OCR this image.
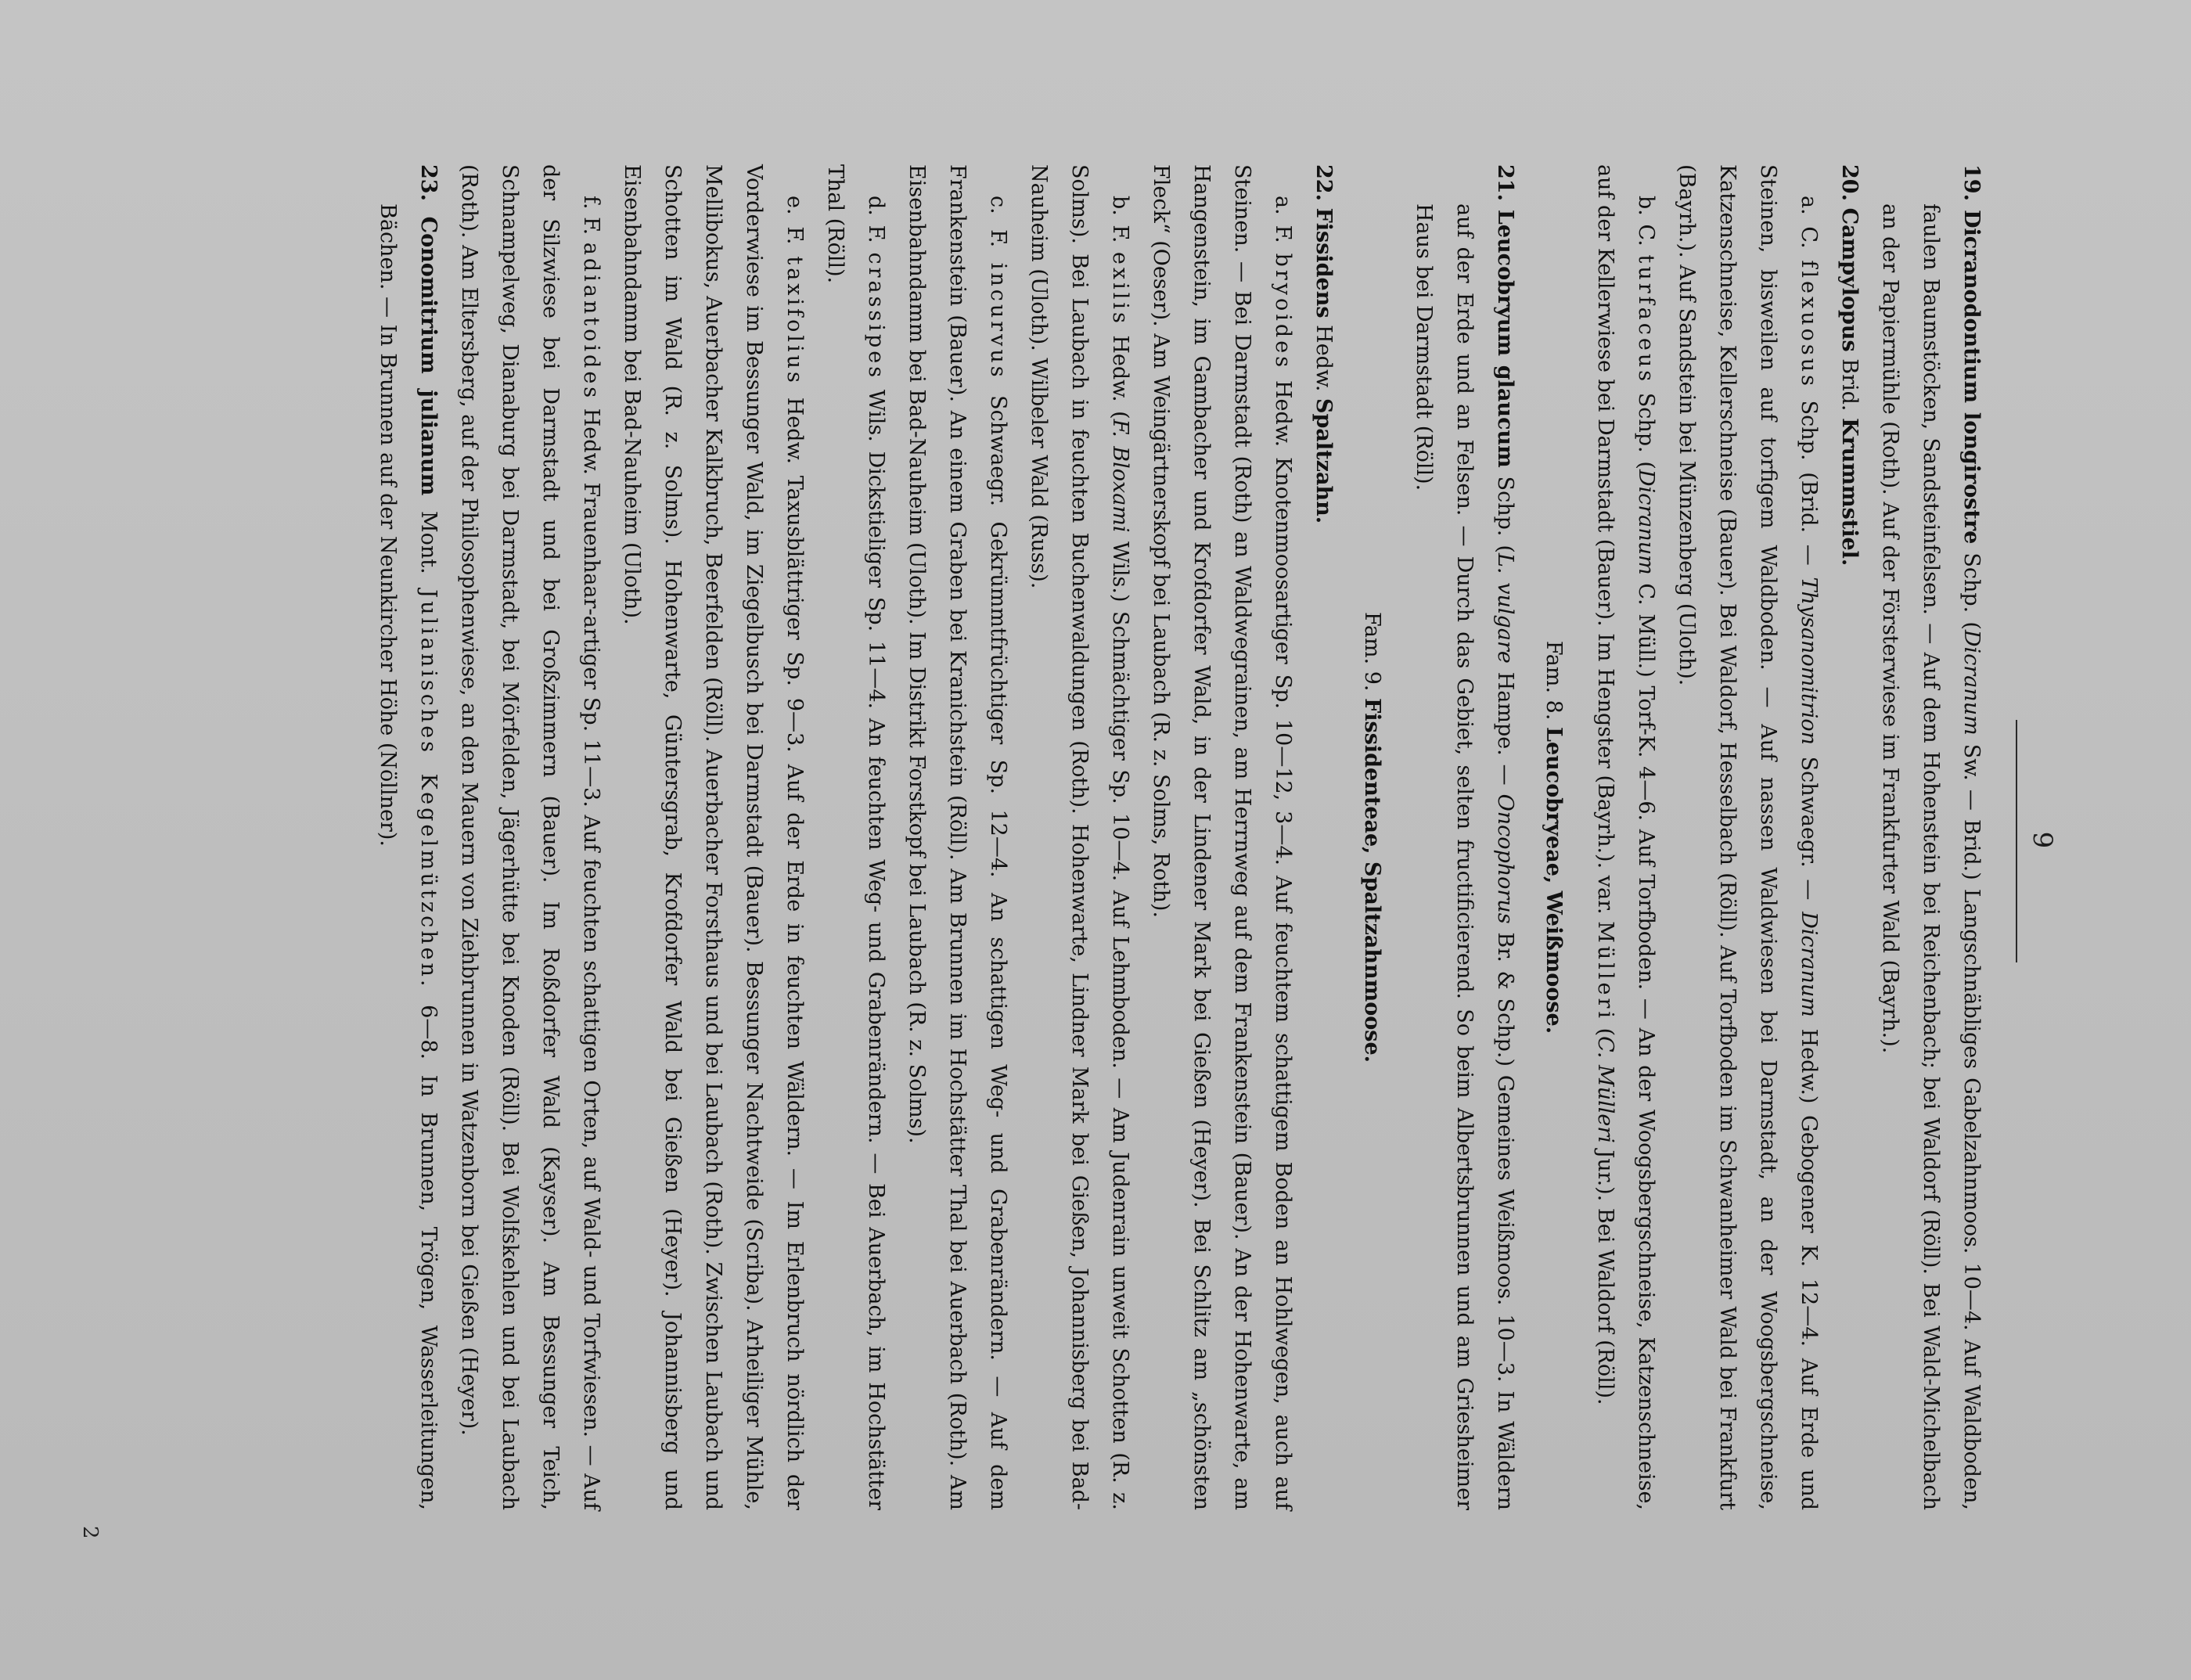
9

19. Dicranodontium longirostre Schp. (Dicranum Sw. — Brid.) Langschnäbliges Gabelzahnmoos. 10—4. Auf Waldboden, faulen Baumstöcken, Sandsteinfelsen. — Auf dem Hohenstein bei Reichenbach; bei Waldorf (Röll). Bei Wald-Michelbach an der Papiermühle (Roth). Auf der Försterwiese im Frankfurter Wald (Bayrh.).

20. Campylopus Brid. Krummstiel.

a. C. flexuosus Schp. (Brid. — Thysanomitrion Schwaegr. — Dicranum Hedw.) Gebogener K. 12—4. Auf Erde und Steinen, bisweilen auf torfigem Waldboden. — Auf nassen Waldwiesen bei Darmstadt, an der Woogsbergschneise, Katzenschneise, Kellerschneise (Bauer). Bei Waldorf, Hesselbach (Röll). Auf Torfboden im Schwanheimer Wald bei Frankfurt (Bayrh.). Auf Sandstein bei Münzenberg (Uloth).

b. C. turfaceus Schp. (Dicranum C. Müll.) Torf-K. 4—6. Auf Torfboden. — An der Woogsbergschneise, Katzenschneise, auf der Kellerwiese bei Darmstadt (Bauer). Im Hengster (Bayrh.). var. Mülleri (C. Mülleri Jur.). Bei Waldorf (Röll).

Fam. 8. Leucobryeae, Weißmoose.

21. Leucobryum glaucum Schp. (L. vulgare Hampe. — Oncophorus Br. & Schp.) Gemeines Weißmoos. 10—3. In Wäldern auf der Erde und an Felsen. — Durch das Gebiet, selten fructificierend. So beim Albertsbrunnen und am Griesheimer Haus bei Darmstadt (Röll).

Fam. 9. Fissidenteae, Spaltzahnmoose.

22. Fissidens Hedw. Spaltzahn.

a. F. bryoides Hedw. Knotenmoosartiger Sp. 10—12, 3—4. Auf feuchtem schattigem Boden an Hohlwegen, auch auf Steinen. — Bei Darmstadt (Roth) an Waldwegrainen, am Herrnweg auf dem Frankenstein (Bauer). An der Hohenwarte, am Hangenstein, im Gambacher und Krofdorfer Wald, in der Lindener Mark bei Gießen (Heyer). Bei Schlitz am „schönsten Fleck“ (Oeser). Am Weingärtnerskopf bei Laubach (R. z. Solms, Roth).

b. F. exilis Hedw. (F. Bloxami Wils.) Schmächtiger Sp. 10—4. Auf Lehmboden. — Am Judenrain unweit Schotten (R. z. Solms). Bei Laubach in feuchten Buchenwaldungen (Roth). Hohenwarte, Lindner Mark bei Gießen, Johannisberg bei Bad-Nauheim (Uloth). Wilbeler Wald (Russ).

c. F. incurvus Schwaegr. Gekrümmtfrüchtiger Sp. 12—4. An schattigen Weg- und Grabenrändern. — Auf dem Frankenstein (Bauer). An einem Graben bei Kranichstein (Röll). Am Brunnen im Hochstätter Thal bei Auerbach (Roth). Am Eisenbahndamm bei Bad-Nauheim (Uloth). Im Distrikt Forstkopf bei Laubach (R. z. Solms).

d. F. crassipes Wils. Dickstieliger Sp. 11—4. An feuchten Weg- und Grabenrändern. — Bei Auerbach, im Hochstätter Thal (Röll).

e. F. taxifolius Hedw. Taxusblättriger Sp. 9—3. Auf der Erde in feuchten Wäldern. — Im Erlenbruch nördlich der Vorderwiese im Bessunger Wald, im Ziegelbusch bei Darmstadt (Bauer). Bessunger Nachtweide (Scriba). Arheiliger Mühle, Mellibokus, Auerbacher Kalkbruch, Beerfelden (Röll). Auerbacher Forsthaus und bei Laubach (Roth). Zwischen Laubach und Schotten im Wald (R. z. Solms). Hohenwarte, Güntersgrab, Krofdorfer Wald bei Gießen (Heyer). Johannisberg und Eisenbahndamm bei Bad-Nauheim (Uloth).

f. F. adiantoides Hedw. Frauenhaar-artiger Sp. 11—3. Auf feuchten schattigen Orten, auf Wald- und Torfwiesen. — Auf der Silzwiese bei Darmstadt und bei Großzimmern (Bauer). Im Roßdorfer Wald (Kayser). Am Bessunger Teich, Schnampelweg, Dianaburg bei Darmstadt, bei Mörfelden, Jägerhütte bei Knoden (Röll). Bei Wolfskehlen und bei Laubach (Roth). Am Eltersberg, auf der Philosophenwiese, an den Mauern von Ziehbrunnen in Watzenborn bei Gießen (Heyer).

23. Conomitrium julianum Mont. Julianisches Kegelmützchen. 6—8. In Brunnen, Trögen, Wasserleitungen, Bächen. — In Brunnen auf der Neunkircher Höhe (Nöllner).

2
